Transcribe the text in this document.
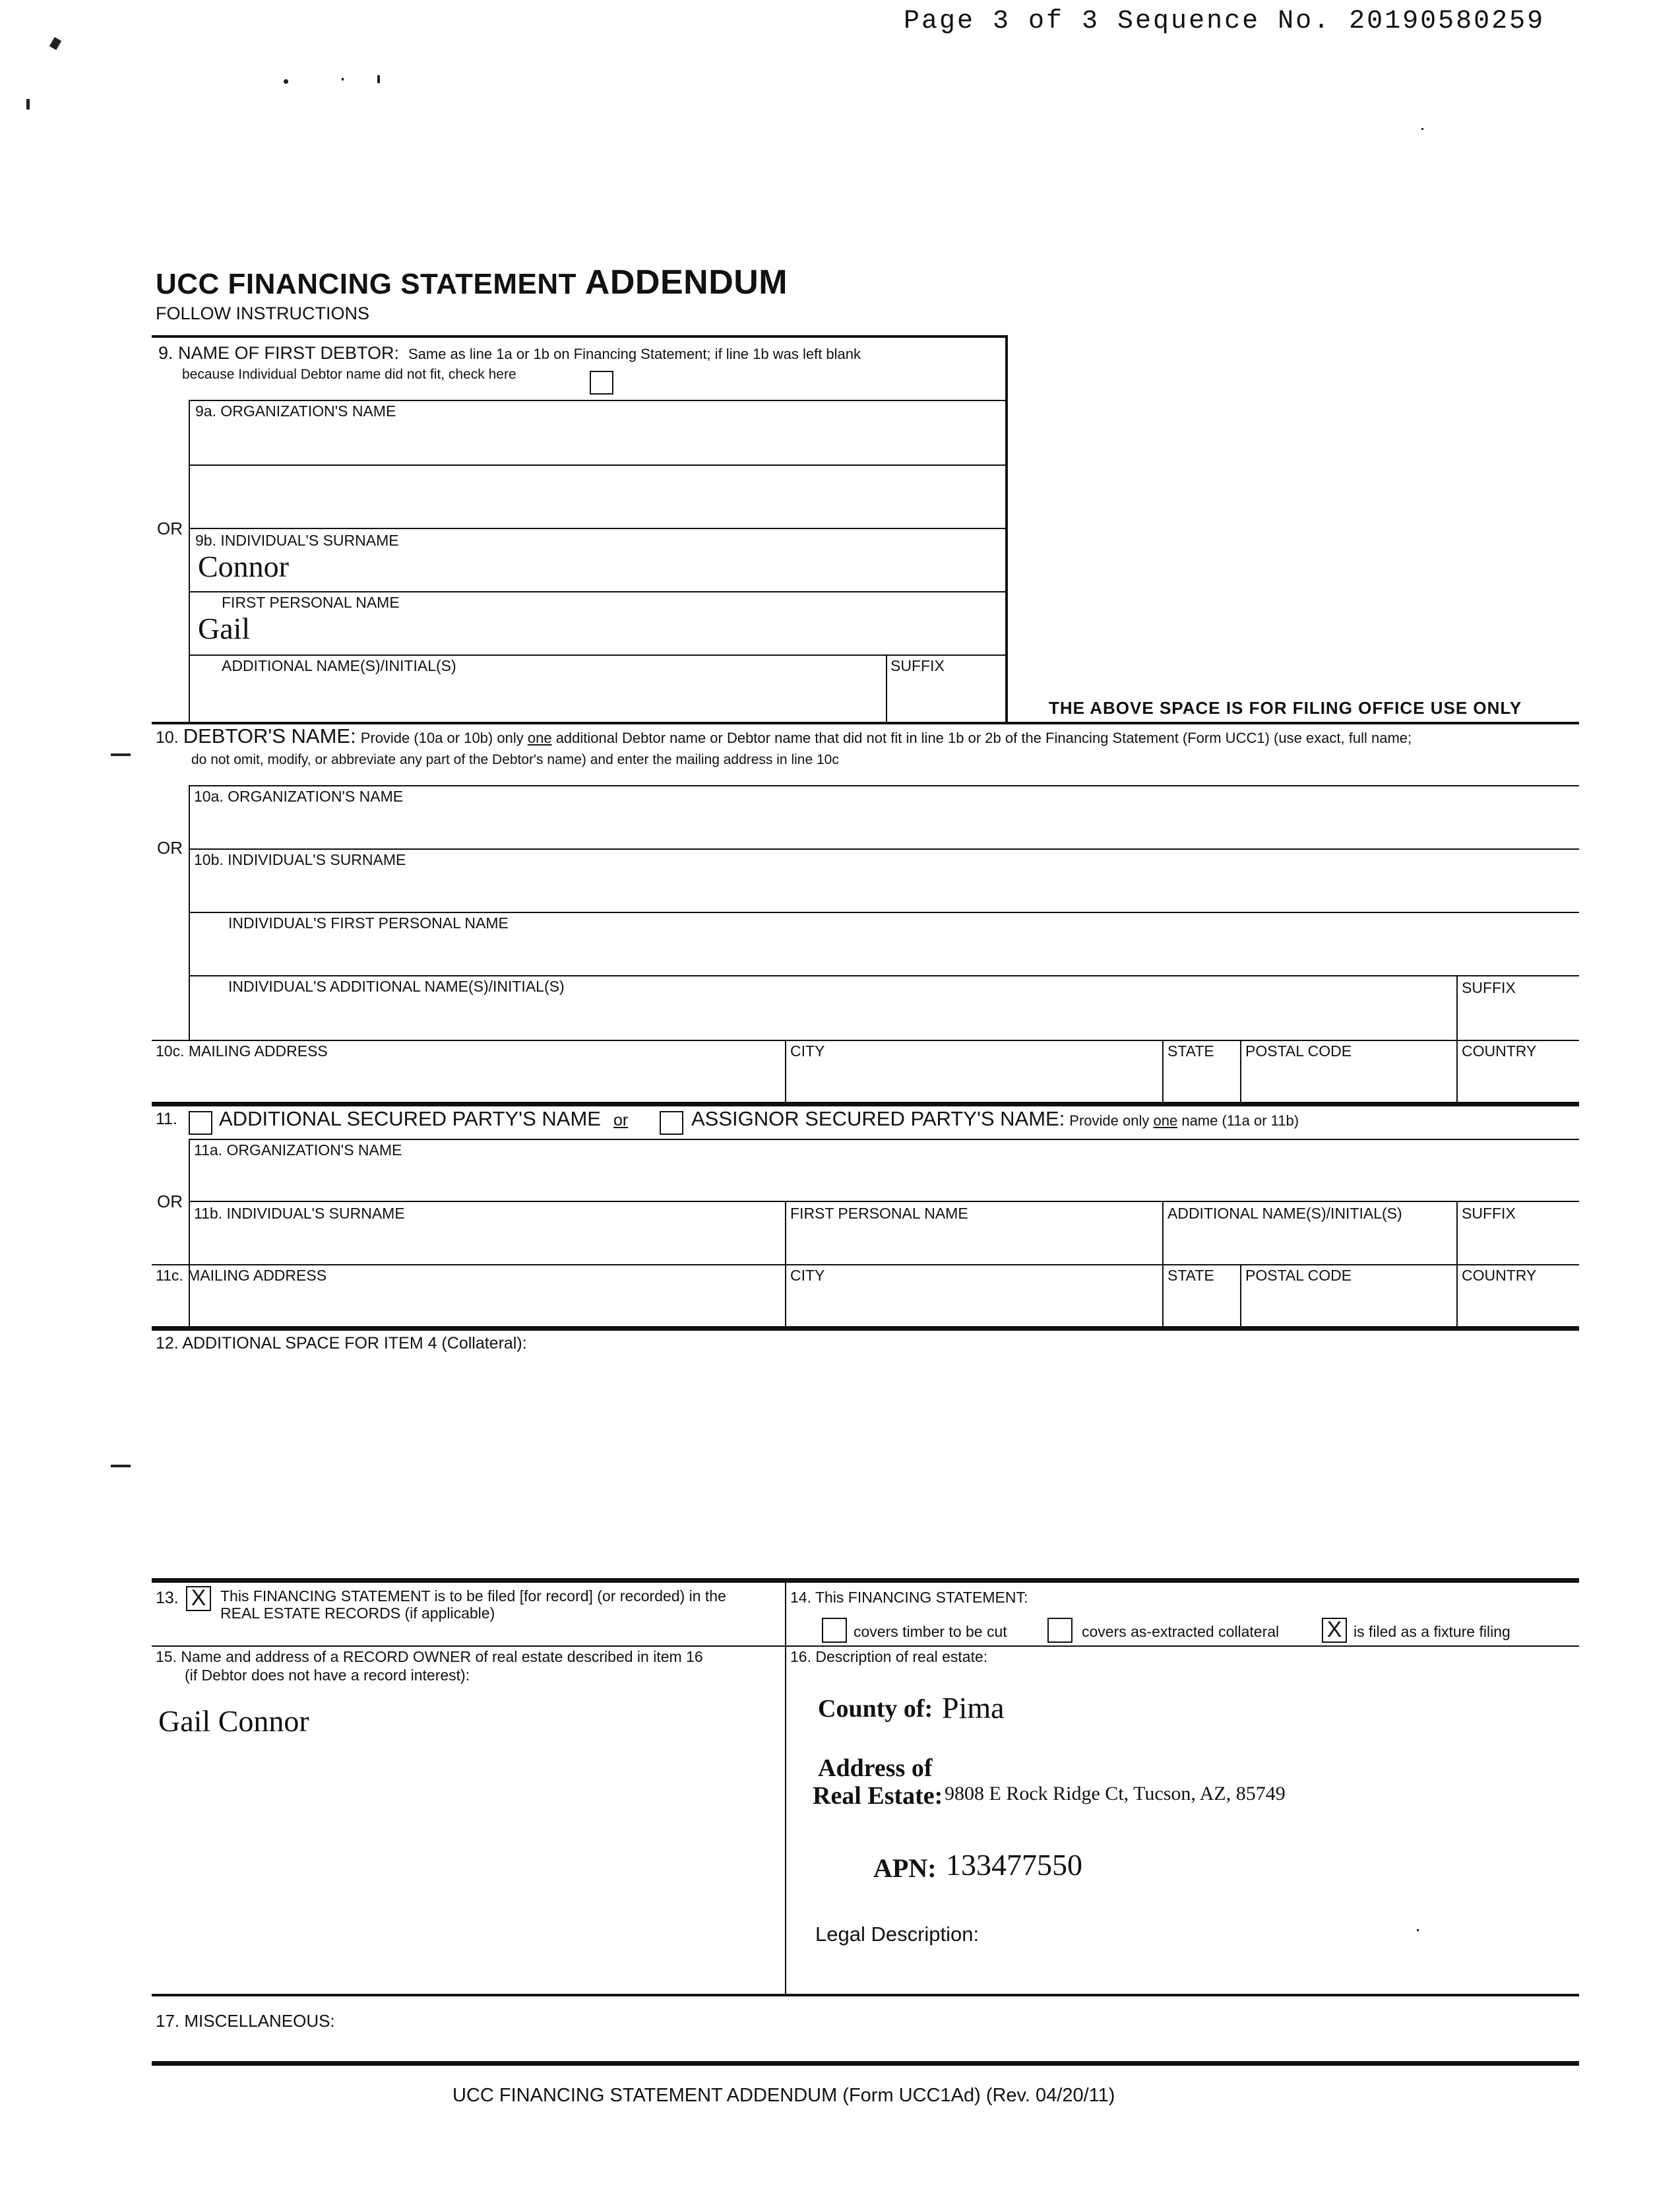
Page 3 of 3 Sequence No. 20190580259
UCC FINANCING STATEMENT ADDENDUM
FOLLOW INSTRUCTIONS
9. NAME OF FIRST DEBTOR: Same as line 1a or 1b on Financing Statement; if line 1b was left blank
because Individual Debtor name did not fit, check here
9a. ORGANIZATION'S NAME
OR
9b. INDIVIDUAL'S SURNAME
Connor
FIRST PERSONAL NAME
Gail
ADDITIONAL NAME(S)/INITIAL(S)	SUFFIX
THE ABOVE SPACE IS FOR FILING OFFICE USE ONLY
10. DEBTOR'S NAME: Provide (10a or 10b) only one additional Debtor name or Debtor name that did not fit in line 1b or 2b of the Financing Statement (Form UCC1) (use exact, full name;
do not omit, modify, or abbreviate any part of the Debtor's name) and enter the mailing address in line 10c
10a. ORGANIZATION'S NAME
OR
10b. INDIVIDUAL'S SURNAME
INDIVIDUAL'S FIRST PERSONAL NAME
INDIVIDUAL'S ADDITIONAL NAME(S)/INITIAL(S)	SUFFIX
10c. MAILING ADDRESS	CITY	STATE POSTAL CODE	COUNTRY
11. ADDITIONAL SECURED PARTY'S NAME or	ASSIGNOR SECURED PARTY'S NAME: Provide only one name (11a or 11b)
11a. ORGANIZATION'S NAME
OR
11b. INDIVIDUAL'S SURNAME	FIRST PERSONAL NAME	ADDITIONAL NAME(S)/INITIAL(S)	SUFFIX
11c. MAILING ADDRESS	CITY	STATE POSTAL CODE	COUNTRY
12. ADDITIONAL SPACE FOR ITEM 4 (Collateral):
13. X This FINANCING STATEMENT is to be filed [for record] (or recorded) in the
REAL ESTATE RECORDS (if applicable)
14. This FINANCING STATEMENT:
covers timber to be cut	covers as-extracted collateral X is filed as a fixture filing
15. Name and address of a RECORD OWNER of real estate described in item 16
(if Debtor does not have a record interest):
Gail Connor
16. Description of real estate:
County of: Pima
Address of
Real Estate: 9808 E Rock Ridge Ct, Tucson, AZ, 85749
APN: 133477550
Legal Description:
17. MISCELLANEOUS:
UCC FINANCING STATEMENT ADDENDUM (Form UCC1Ad) (Rev. 04/20/11)
